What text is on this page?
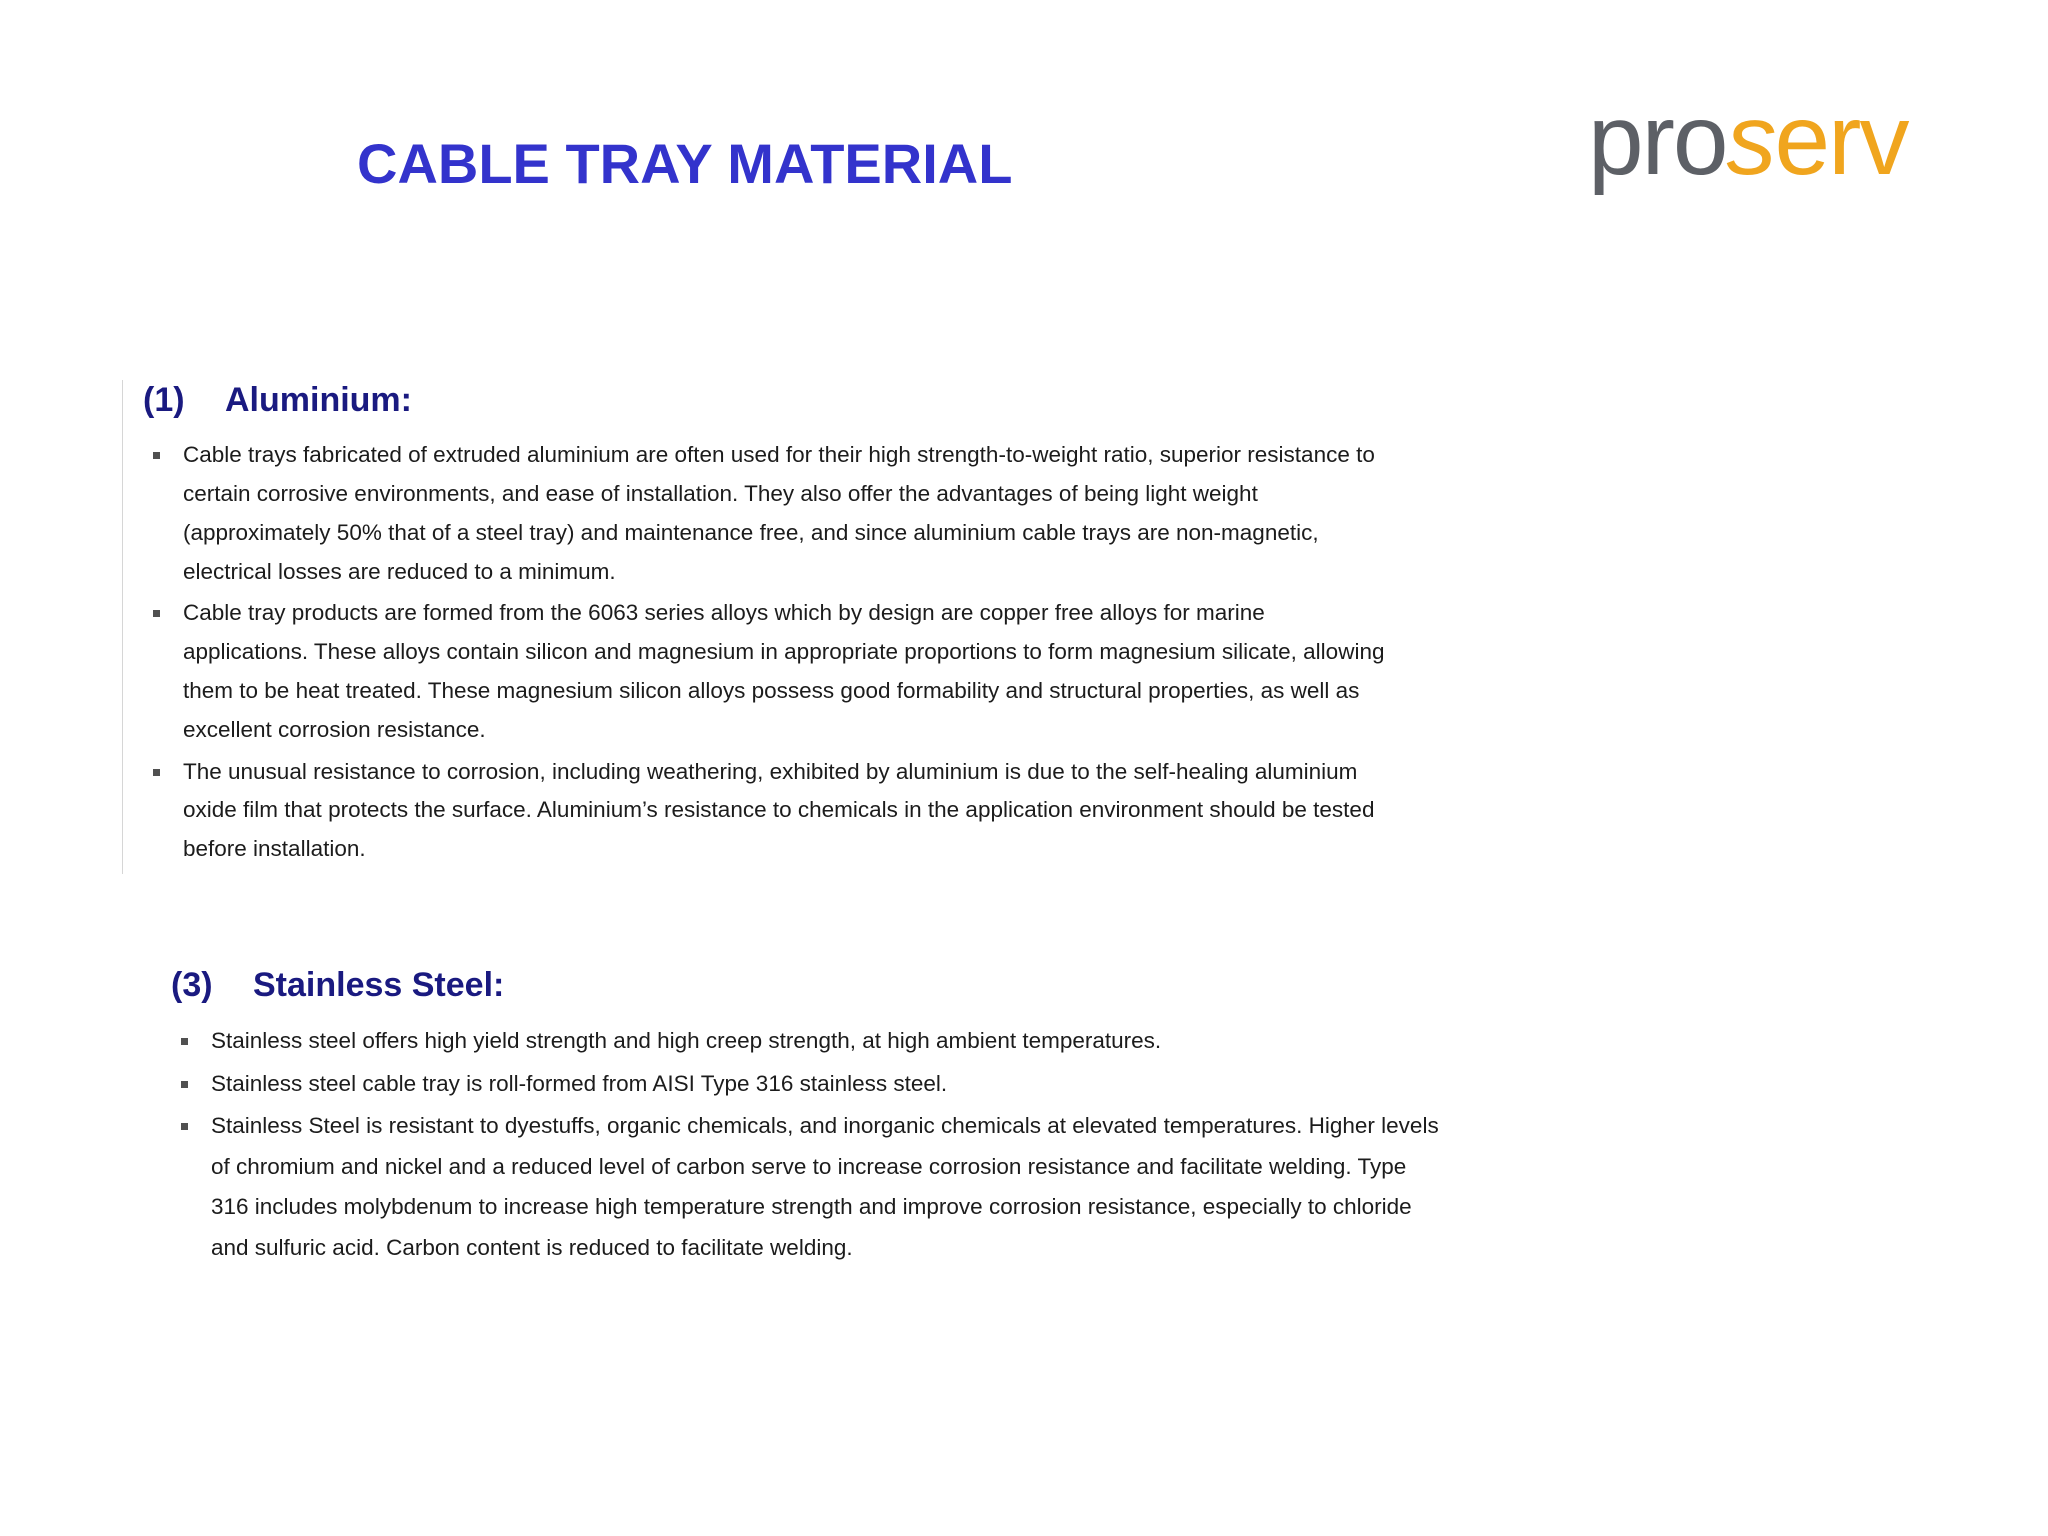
CABLE TRAY MATERIAL	proserv
(1) Aluminium:
Cable trays fabricated of extruded aluminium are often used for their high strength-to-weight ratio, superior resistance to certain corrosive environments, and ease of installation. They also offer the advantages of being light weight (approximately 50% that of a steel tray) and maintenance free, and since aluminium cable trays are non-magnetic, electrical losses are reduced to a minimum.
Cable tray products are formed from the 6063 series alloys which by design are copper free alloys for marine applications. These alloys contain silicon and magnesium in appropriate proportions to form magnesium silicate, allowing them to be heat treated. These magnesium silicon alloys possess good formability and structural properties, as well as excellent corrosion resistance.
The unusual resistance to corrosion, including weathering, exhibited by aluminium is due to the self-healing aluminium oxide film that protects the surface. Aluminium’s resistance to chemicals in the application environment should be tested before installation.
(3) Stainless Steel:
Stainless steel offers high yield strength and high creep strength, at high ambient temperatures.
Stainless steel cable tray is roll-formed from AISI Type 316 stainless steel.
Stainless Steel is resistant to dyestuffs, organic chemicals, and inorganic chemicals at elevated temperatures. Higher levels of chromium and nickel and a reduced level of carbon serve to increase corrosion resistance and facilitate welding. Type 316 includes molybdenum to increase high temperature strength and improve corrosion resistance, especially to chloride and sulfuric acid. Carbon content is reduced to facilitate welding.
